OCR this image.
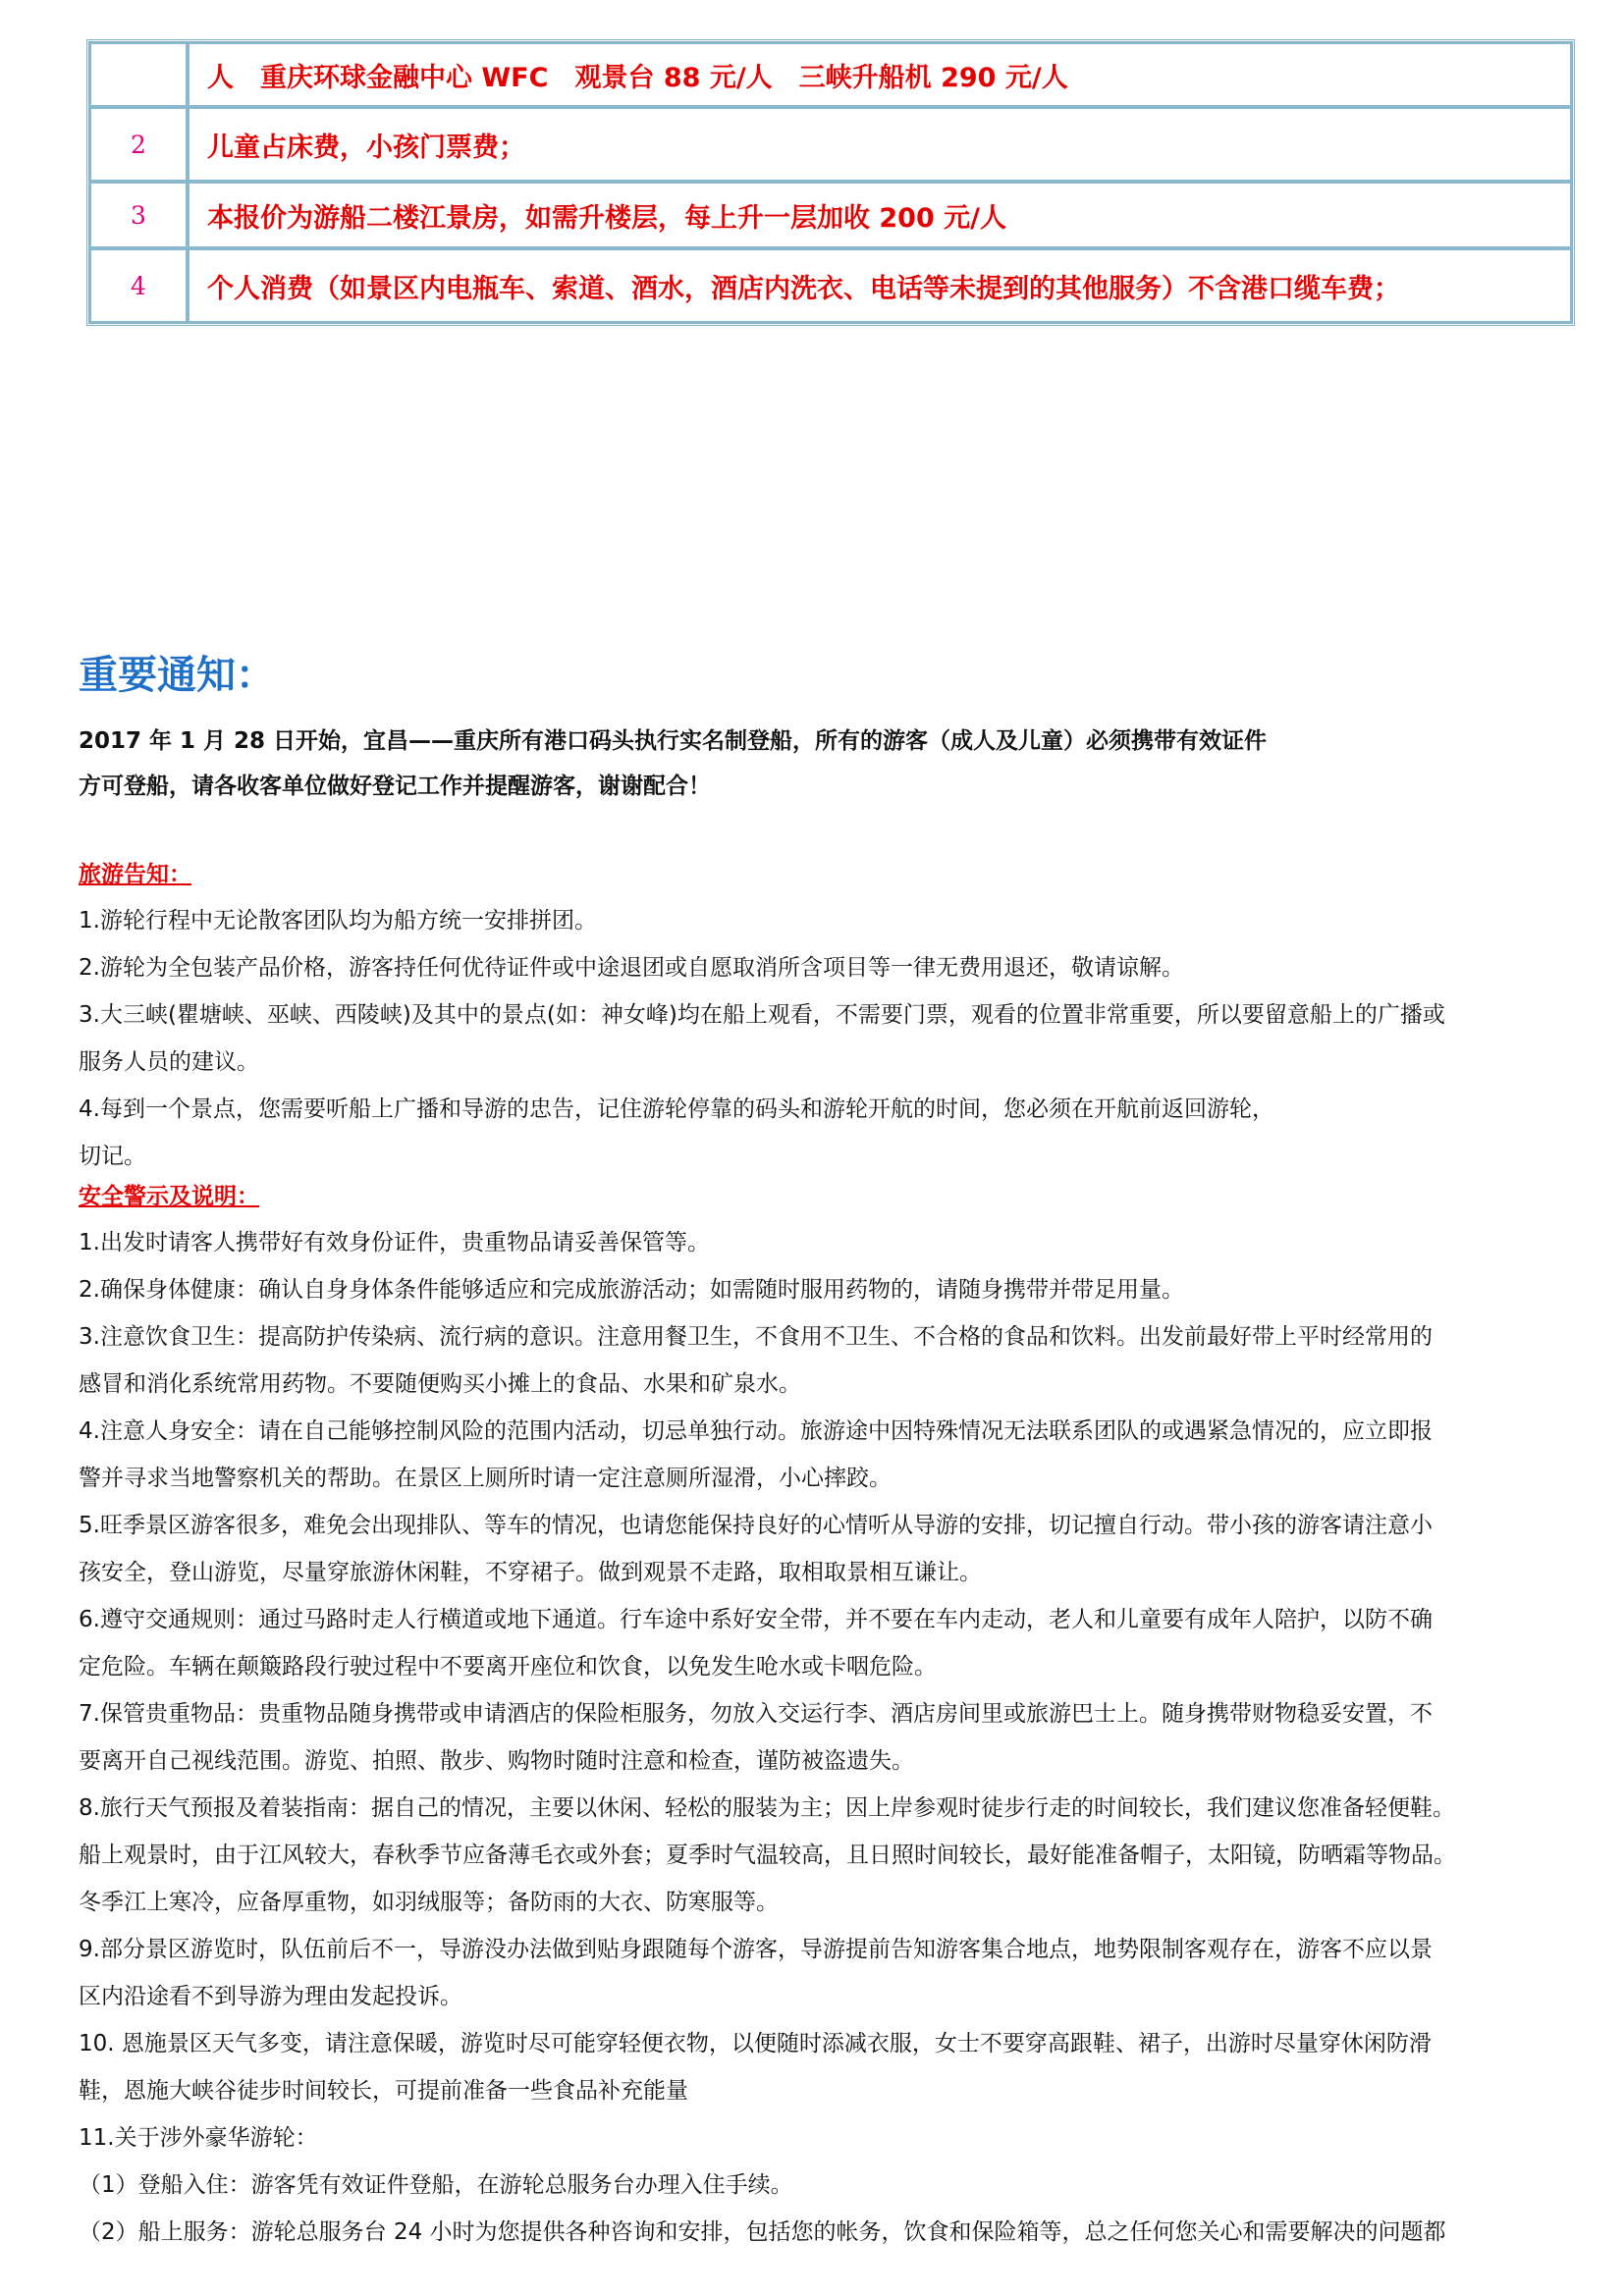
	人　重庆环球金融中心 WFC　观景台 88 元/人　三峡升船机 290 元/人
2	儿童占床费，小孩门票费；
3	本报价为游船二楼江景房，如需升楼层，每上升一层加收 200 元/人
4	个人消费（如景区内电瓶车、索道、酒水，酒店内洗衣、电话等未提到的其他服务）不含港口缆车费；
重要通知：

2017 年 1 月 28 日开始，宜昌——重庆所有港口码头执行实名制登船，所有的游客（成人及儿童）必须携带有效证件

方可登船，请各收客单位做好登记工作并提醒游客，谢谢配合！

旅游告知：

1.游轮行程中无论散客团队均为船方统一安排拼团。

2.游轮为全包装产品价格，游客持任何优待证件或中途退团或自愿取消所含项目等一律无费用退还，敬请谅解。

3.大三峡(瞿塘峡、巫峡、西陵峡)及其中的景点(如：神女峰)均在船上观看，不需要门票，观看的位置非常重要，所以要留意船上的广播或

服务人员的建议。

4.每到一个景点，您需要听船上广播和导游的忠告，记住游轮停靠的码头和游轮开航的时间，您必须在开航前返回游轮，

切记。

安全警示及说明：

1.出发时请客人携带好有效身份证件，贵重物品请妥善保管等。

2.确保身体健康：确认自身身体条件能够适应和完成旅游活动；如需随时服用药物的，请随身携带并带足用量。

3.注意饮食卫生：提高防护传染病、流行病的意识。注意用餐卫生，不食用不卫生、不合格的食品和饮料。出发前最好带上平时经常用的

感冒和消化系统常用药物。不要随便购买小摊上的食品、水果和矿泉水。

4.注意人身安全：请在自己能够控制风险的范围内活动，切忌单独行动。旅游途中因特殊情况无法联系团队的或遇紧急情况的，应立即报

警并寻求当地警察机关的帮助。在景区上厕所时请一定注意厕所湿滑，小心摔跤。

5.旺季景区游客很多，难免会出现排队、等车的情况，也请您能保持良好的心情听从导游的安排，切记擅自行动。带小孩的游客请注意小

孩安全，登山游览，尽量穿旅游休闲鞋，不穿裙子。做到观景不走路，取相取景相互谦让。

6.遵守交通规则：通过马路时走人行横道或地下通道。行车途中系好安全带，并不要在车内走动，老人和儿童要有成年人陪护，以防不确

定危险。车辆在颠簸路段行驶过程中不要离开座位和饮食，以免发生呛水或卡咽危险。

7.保管贵重物品：贵重物品随身携带或申请酒店的保险柜服务，勿放入交运行李、酒店房间里或旅游巴士上。随身携带财物稳妥安置，不

要离开自己视线范围。游览、拍照、散步、购物时随时注意和检查，谨防被盗遗失。

8.旅行天气预报及着装指南：据自己的情况，主要以休闲、轻松的服装为主；因上岸参观时徒步行走的时间较长，我们建议您准备轻便鞋。

船上观景时，由于江风较大，春秋季节应备薄毛衣或外套；夏季时气温较高，且日照时间较长，最好能准备帽子，太阳镜，防晒霜等物品。

冬季江上寒冷，应备厚重物，如羽绒服等；备防雨的大衣、防寒服等。

9.部分景区游览时，队伍前后不一，导游没办法做到贴身跟随每个游客，导游提前告知游客集合地点，地势限制客观存在，游客不应以景

区内沿途看不到导游为理由发起投诉。

10. 恩施景区天气多变，请注意保暖，游览时尽可能穿轻便衣物，以便随时添减衣服，女士不要穿高跟鞋、裙子，出游时尽量穿休闲防滑

鞋，恩施大峡谷徒步时间较长，可提前准备一些食品补充能量

11.关于涉外豪华游轮：

（1）登船入住：游客凭有效证件登船，在游轮总服务台办理入住手续。

（2）船上服务：游轮总服务台 24 小时为您提供各种咨询和安排，包括您的帐务，饮食和保险箱等，总之任何您关心和需要解决的问题都
